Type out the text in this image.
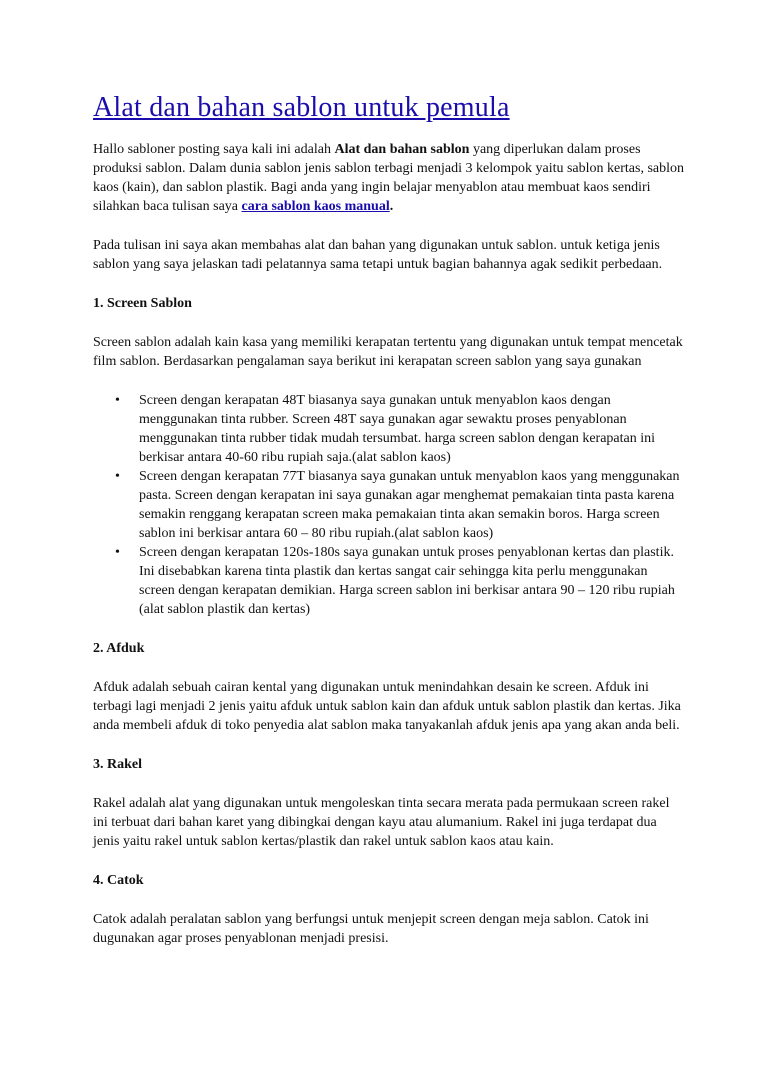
Alat dan bahan sablon untuk pemula

Hallo sabloner posting saya kali ini adalah Alat dan bahan sablon yang diperlukan dalam proses produksi sablon. Dalam dunia sablon jenis sablon terbagi menjadi 3 kelompok yaitu sablon kertas, sablon kaos (kain), dan sablon plastik. Bagi anda yang ingin belajar menyablon atau membuat kaos sendiri silahkan baca tulisan saya cara sablon kaos manual.

Pada tulisan ini saya akan membahas alat dan bahan yang digunakan untuk sablon. untuk ketiga jenis sablon yang saya jelaskan tadi pelatannya sama tetapi untuk bagian bahannya agak sedikit perbedaan.

1. Screen Sablon

Screen sablon adalah kain kasa yang memiliki kerapatan tertentu yang digunakan untuk tempat mencetak film sablon. Berdasarkan pengalaman saya berikut ini kerapatan screen sablon yang saya gunakan

• Screen dengan kerapatan 48T biasanya saya gunakan untuk menyablon kaos dengan menggunakan tinta rubber. Screen 48T saya gunakan agar sewaktu proses penyablonan menggunakan tinta rubber tidak mudah tersumbat. harga screen sablon dengan kerapatan ini berkisar antara 40-60 ribu rupiah saja.(alat sablon kaos)
• Screen dengan kerapatan 77T biasanya saya gunakan untuk menyablon kaos yang menggunakan pasta. Screen dengan kerapatan ini saya gunakan agar menghemat pemakaian tinta pasta karena semakin renggang kerapatan screen maka pemakaian tinta akan semakin boros. Harga screen sablon ini berkisar antara 60 – 80 ribu rupiah.(alat sablon kaos)
• Screen dengan kerapatan 120s-180s saya gunakan untuk proses penyablonan kertas dan plastik. Ini disebabkan karena tinta plastik dan kertas sangat cair sehingga kita perlu menggunakan screen dengan kerapatan demikian. Harga screen sablon ini berkisar antara 90 – 120 ribu rupiah (alat sablon plastik dan kertas)

2. Afduk

Afduk adalah sebuah cairan kental yang digunakan untuk menindahkan desain ke screen. Afduk ini terbagi lagi menjadi 2 jenis yaitu afduk untuk sablon kain dan afduk untuk sablon plastik dan kertas. Jika anda membeli afduk di toko penyedia alat sablon maka tanyakanlah afduk jenis apa yang akan anda beli.

3. Rakel

Rakel adalah alat yang digunakan untuk mengoleskan tinta secara merata pada permukaan screen rakel ini terbuat dari bahan karet yang dibingkai dengan kayu atau alumanium. Rakel ini juga terdapat dua jenis yaitu rakel untuk sablon kertas/plastik dan rakel untuk sablon kaos atau kain.

4. Catok

Catok adalah peralatan sablon yang berfungsi untuk menjepit screen dengan meja sablon. Catok ini dugunakan agar proses penyablonan menjadi presisi.
